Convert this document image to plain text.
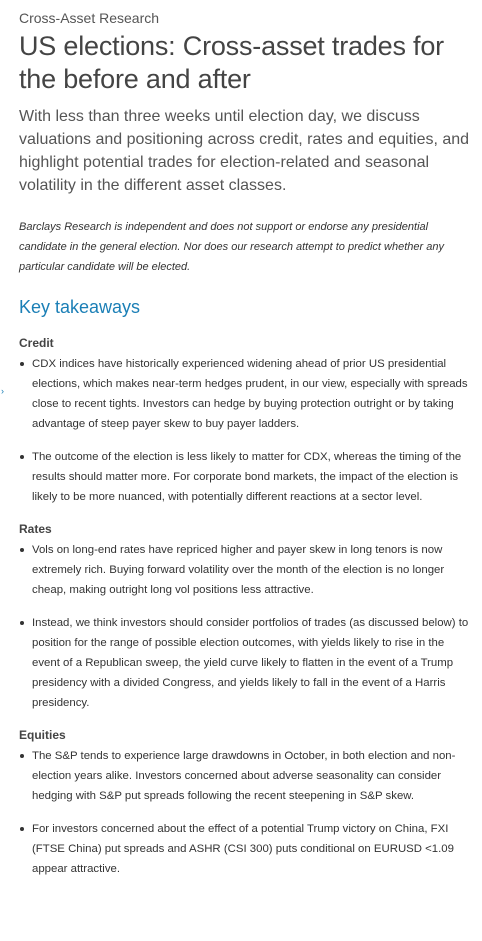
Cross-Asset Research
US elections: Cross-asset trades for the before and after
With less than three weeks until election day, we discuss valuations and positioning across credit, rates and equities, and highlight potential trades for election-related and seasonal volatility in the different asset classes.
Barclays Research is independent and does not support or endorse any presidential candidate in the general election. Nor does our research attempt to predict whether any particular candidate will be elected.
Key takeaways
Credit
CDX indices have historically experienced widening ahead of prior US presidential elections, which makes near-term hedges prudent, in our view, especially with spreads close to recent tights. Investors can hedge by buying protection outright or by taking advantage of steep payer skew to buy payer ladders.
The outcome of the election is less likely to matter for CDX, whereas the timing of the results should matter more. For corporate bond markets, the impact of the election is likely to be more nuanced, with potentially different reactions at a sector level.
Rates
Vols on long-end rates have repriced higher and payer skew in long tenors is now extremely rich. Buying forward volatility over the month of the election is no longer cheap, making outright long vol positions less attractive.
Instead, we think investors should consider portfolios of trades (as discussed below) to position for the range of possible election outcomes, with yields likely to rise in the event of a Republican sweep, the yield curve likely to flatten in the event of a Trump presidency with a divided Congress, and yields likely to fall in the event of a Harris presidency.
Equities
The S&P tends to experience large drawdowns in October, in both election and non-election years alike. Investors concerned about adverse seasonality can consider hedging with S&P put spreads following the recent steepening in S&P skew.
For investors concerned about the effect of a potential Trump victory on China, FXI (FTSE China) put spreads and ASHR (CSI 300) puts conditional on EURUSD <1.09 appear attractive.
›
